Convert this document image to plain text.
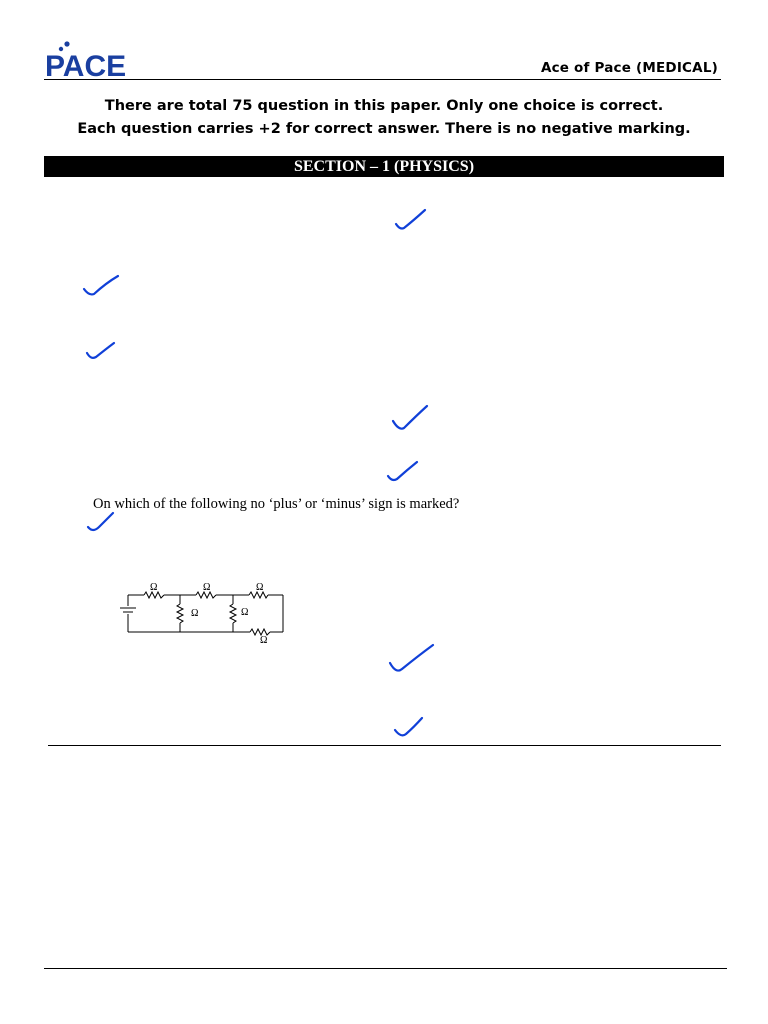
PACE	Ace of Pace (MEDICAL)
There are total 75 question in this paper. Only one choice is correct.
Each question carries +2 for correct answer. There is no negative marking.
SECTION – 1 (PHYSICS)
On which of the following no ‘plus’ or ‘minus’ sign is marked?
Ω	Ω	Ω
Ω	Ω
Ω
